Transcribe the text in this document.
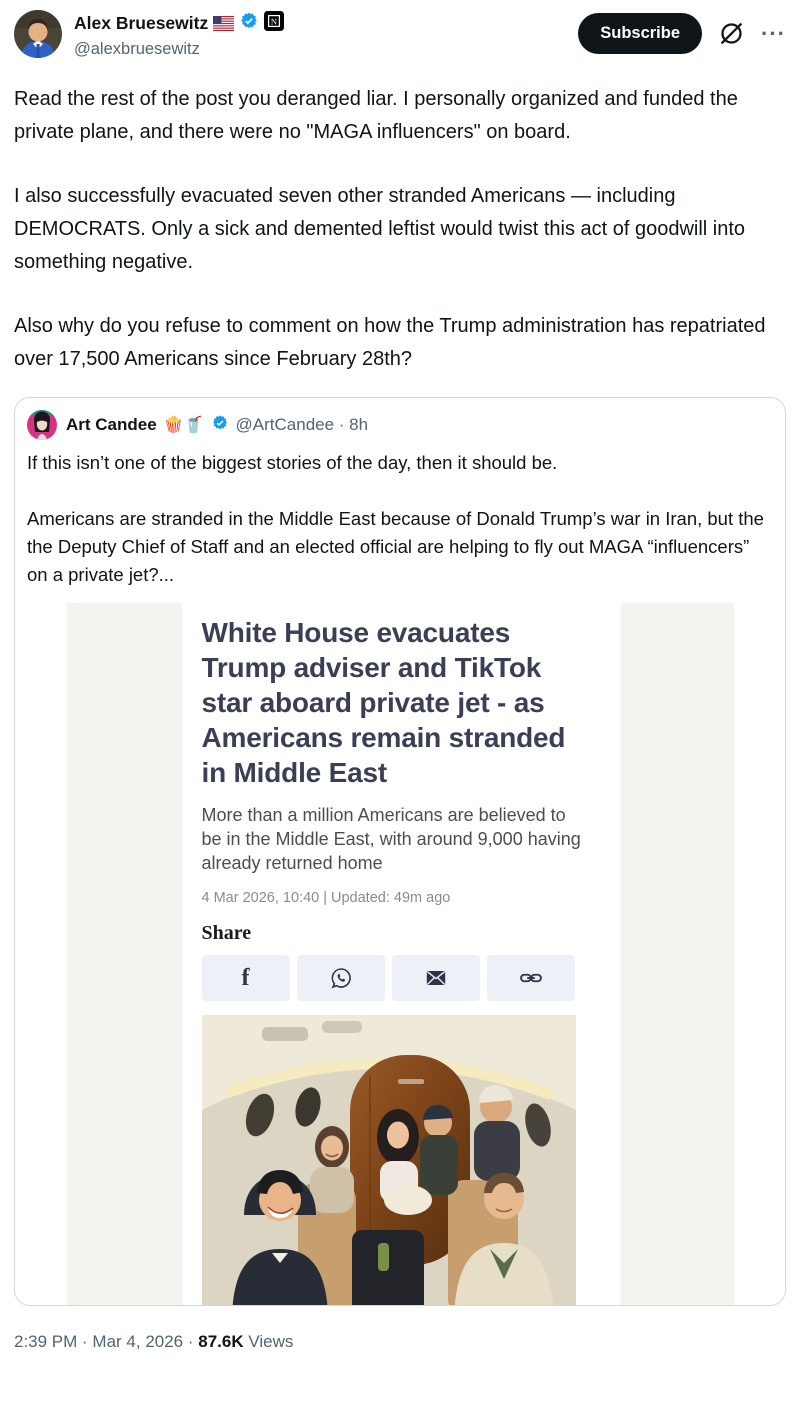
Alex Bruesewitz	N
@alexbruesewitz
Subscribe	···

Read the rest of the post you deranged liar. I personally organized and funded the private plane, and there were no "MAGA influencers" on board.

I also successfully evacuated seven other stranded Americans — including DEMOCRATS. Only a sick and demented leftist would twist this act of goodwill into something negative.

Also why do you refuse to comment on how the Trump administration has repatriated over 17,500 Americans since February 28th?

Art Candee 🍿🥤 @ArtCandee · 8h

If this isn’t one of the biggest stories of the day, then it should be.

Americans are stranded in the Middle East because of Donald Trump’s war in Iran, but the the Deputy Chief of Staff and an elected official are helping to fly out MAGA “influencers” on a private jet?...

White House evacuates Trump adviser and TikTok star aboard private jet - as Americans remain stranded in Middle East
More than a million Americans are believed to be in the Middle East, with around 9,000 having already returned home
4 Mar 2026, 10:40 | Updated: 49m ago
Share
f
2:39 PM · Mar 4, 2026 · 87.6K Views
